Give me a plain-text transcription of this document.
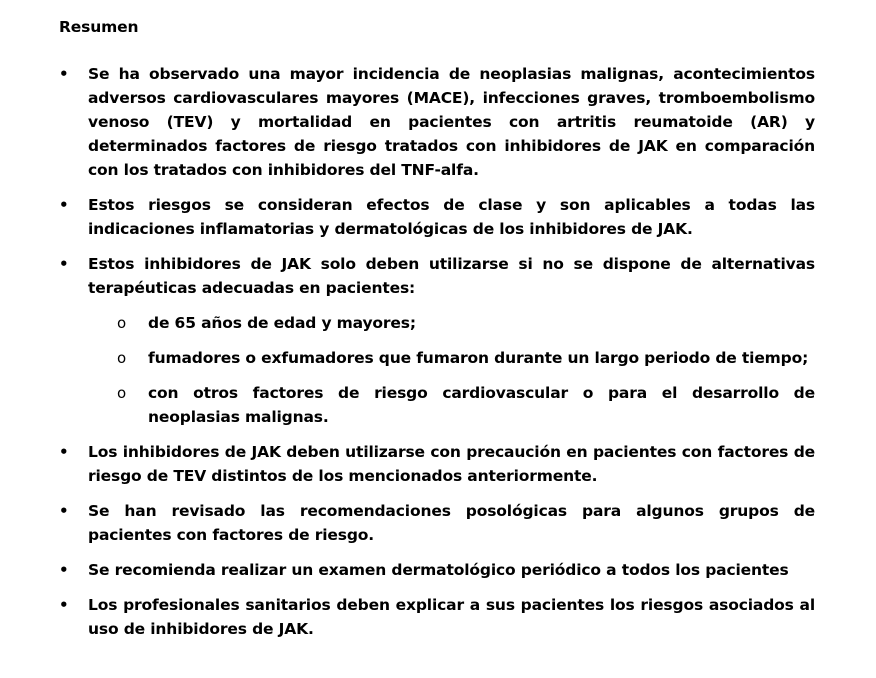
Resumen

• Se ha observado una mayor incidencia de neoplasias malignas, acontecimientos adversos cardiovasculares mayores (MACE), infecciones graves, tromboembolismo venoso (TEV) y mortalidad en pacientes con artritis reumatoide (AR) y determinados factores de riesgo tratados con inhibidores de JAK en comparación con los tratados con inhibidores del TNF-alfa.
• Estos riesgos se consideran efectos de clase y son aplicables a todas las indicaciones inflamatorias y dermatológicas de los inhibidores de JAK.
• Estos inhibidores de JAK solo deben utilizarse si no se dispone de alternativas terapéuticas adecuadas en pacientes:
o de 65 años de edad y mayores;
o fumadores o exfumadores que fumaron durante un largo periodo de tiempo;
o con otros factores de riesgo cardiovascular o para el desarrollo de neoplasias malignas.
• Los inhibidores de JAK deben utilizarse con precaución en pacientes con factores de riesgo de TEV distintos de los mencionados anteriormente.
• Se han revisado las recomendaciones posológicas para algunos grupos de pacientes con factores de riesgo.
• Se recomienda realizar un examen dermatológico periódico a todos los pacientes
• Los profesionales sanitarios deben explicar a sus pacientes los riesgos asociados al uso de inhibidores de JAK.
